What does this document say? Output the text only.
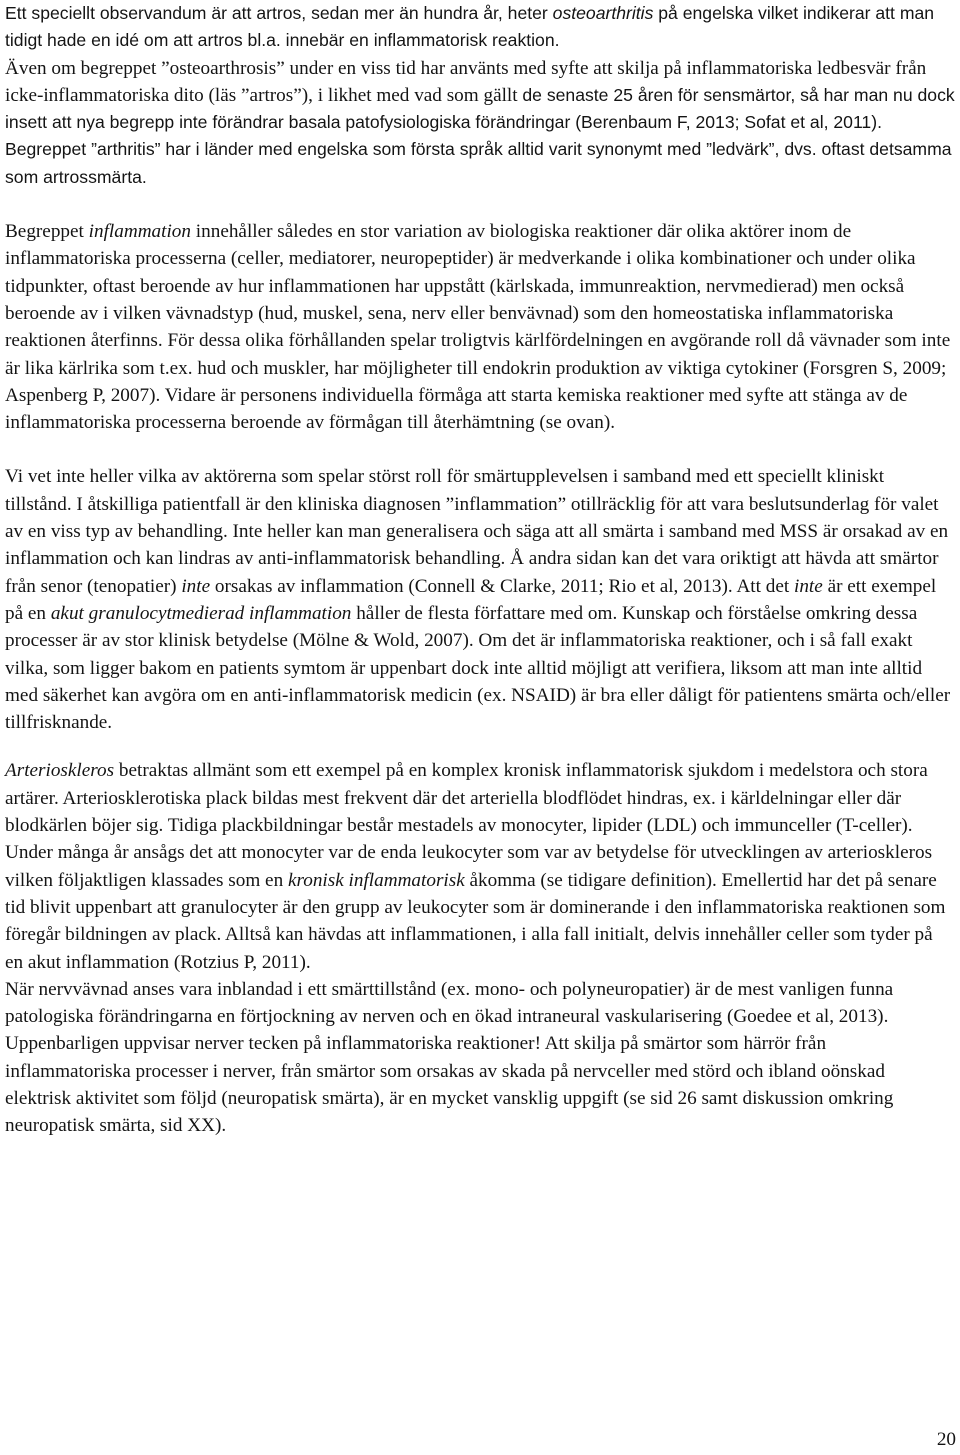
Ett speciellt observandum är att artros, sedan mer än hundra år, heter osteoarthritis på engelska vilket indikerar att man tidigt hade en idé om att artros bl.a. innebär en inflammatorisk reaktion.

Även om begreppet ”osteoarthrosis” under en viss tid har använts med syfte att skilja på inflammatoriska ledbesvär från icke-inflammatoriska dito (läs ”artros”), i likhet med vad som gällt de senaste 25 åren för sensmärtor, så har man nu dock insett att nya begrepp inte förändrar basala patofysiologiska förändringar (Berenbaum F, 2013; Sofat et al, 2011). Begreppet ”arthritis” har i länder med engelska som första språk alltid varit synonymt med ”ledvärk”, dvs. oftast detsamma som artrossmärta.

Begreppet inflammation innehåller således en stor variation av biologiska reaktioner där olika aktörer inom de inflammatoriska processerna (celler, mediatorer, neuropeptider) är medverkande i olika kombinationer och under olika tidpunkter, oftast beroende av hur inflammationen har uppstått (kärlskada, immunreaktion, nervmedierad) men också beroende av i vilken vävnadstyp (hud, muskel, sena, nerv eller benvävnad) som den homeostatiska inflammatoriska reaktionen återfinns. För dessa olika förhållanden spelar troligtvis kärlfördelningen en avgörande roll då vävnader som inte är lika kärlrika som t.ex. hud och muskler, har möjligheter till endokrin produktion av viktiga cytokiner (Forsgren S, 2009; Aspenberg P, 2007). Vidare är personens individuella förmåga att starta kemiska reaktioner med syfte att stänga av de inflammatoriska processerna beroende av förmågan till återhämtning (se ovan).

Vi vet inte heller vilka av aktörerna som spelar störst roll för smärtupplevelsen i samband med ett speciellt kliniskt tillstånd. I åtskilliga patientfall är den kliniska diagnosen ”inflammation” otillräcklig för att vara beslutsunderlag för valet av en viss typ av behandling. Inte heller kan man generalisera och säga att all smärta i samband med MSS är orsakad av en inflammation och kan lindras av anti-inflammatorisk behandling. Å andra sidan kan det vara oriktigt att hävda att smärtor från senor (tenopatier) inte orsakas av inflammation (Connell & Clarke, 2011; Rio et al, 2013). Att det inte är ett exempel på en akut granulocytmedierad inflammation håller de flesta författare med om. Kunskap och förståelse omkring dessa processer är av stor klinisk betydelse (Mölne & Wold, 2007). Om det är inflammatoriska reaktioner, och i så fall exakt vilka, som ligger bakom en patients symtom är uppenbart dock inte alltid möjligt att verifiera, liksom att man inte alltid med säkerhet kan avgöra om en anti-inflammatorisk medicin (ex. NSAID) är bra eller dåligt för patientens smärta och/eller tillfrisknande.

Arterioskleros betraktas allmänt som ett exempel på en komplex kronisk inflammatorisk sjukdom i medelstora och stora artärer. Arteriosklerotiska plack bildas mest frekvent där det arteriella blodflödet hindras, ex. i kärldelningar eller där blodkärlen böjer sig. Tidiga plackbildningar består mestadels av monocyter, lipider (LDL) och immunceller (T-celler). Under många år ansågs det att monocyter var de enda leukocyter som var av betydelse för utvecklingen av arterioskleros vilken följaktligen klassades som en kronisk inflammatorisk åkomma (se tidigare definition). Emellertid har det på senare tid blivit uppenbart att granulocyter är den grupp av leukocyter som är dominerande i den inflammatoriska reaktionen som föregår bildningen av plack. Alltså kan hävdas att inflammationen, i alla fall initialt, delvis innehåller celler som tyder på en akut inflammation (Rotzius P, 2011).

När nervvävnad anses vara inblandad i ett smärttillstånd (ex. mono- och polyneuropatier) är de mest vanligen funna patologiska förändringarna en förtjockning av nerven och en ökad intraneural vaskularisering (Goedee et al, 2013). Uppenbarligen uppvisar nerver tecken på inflammatoriska reaktioner! Att skilja på smärtor som härrör från inflammatoriska processer i nerver, från smärtor som orsakas av skada på nervceller med störd och ibland oönskad elektrisk aktivitet som följd (neuropatisk smärta), är en mycket vansklig uppgift (se sid 26 samt diskussion omkring neuropatisk smärta, sid XX).

20
